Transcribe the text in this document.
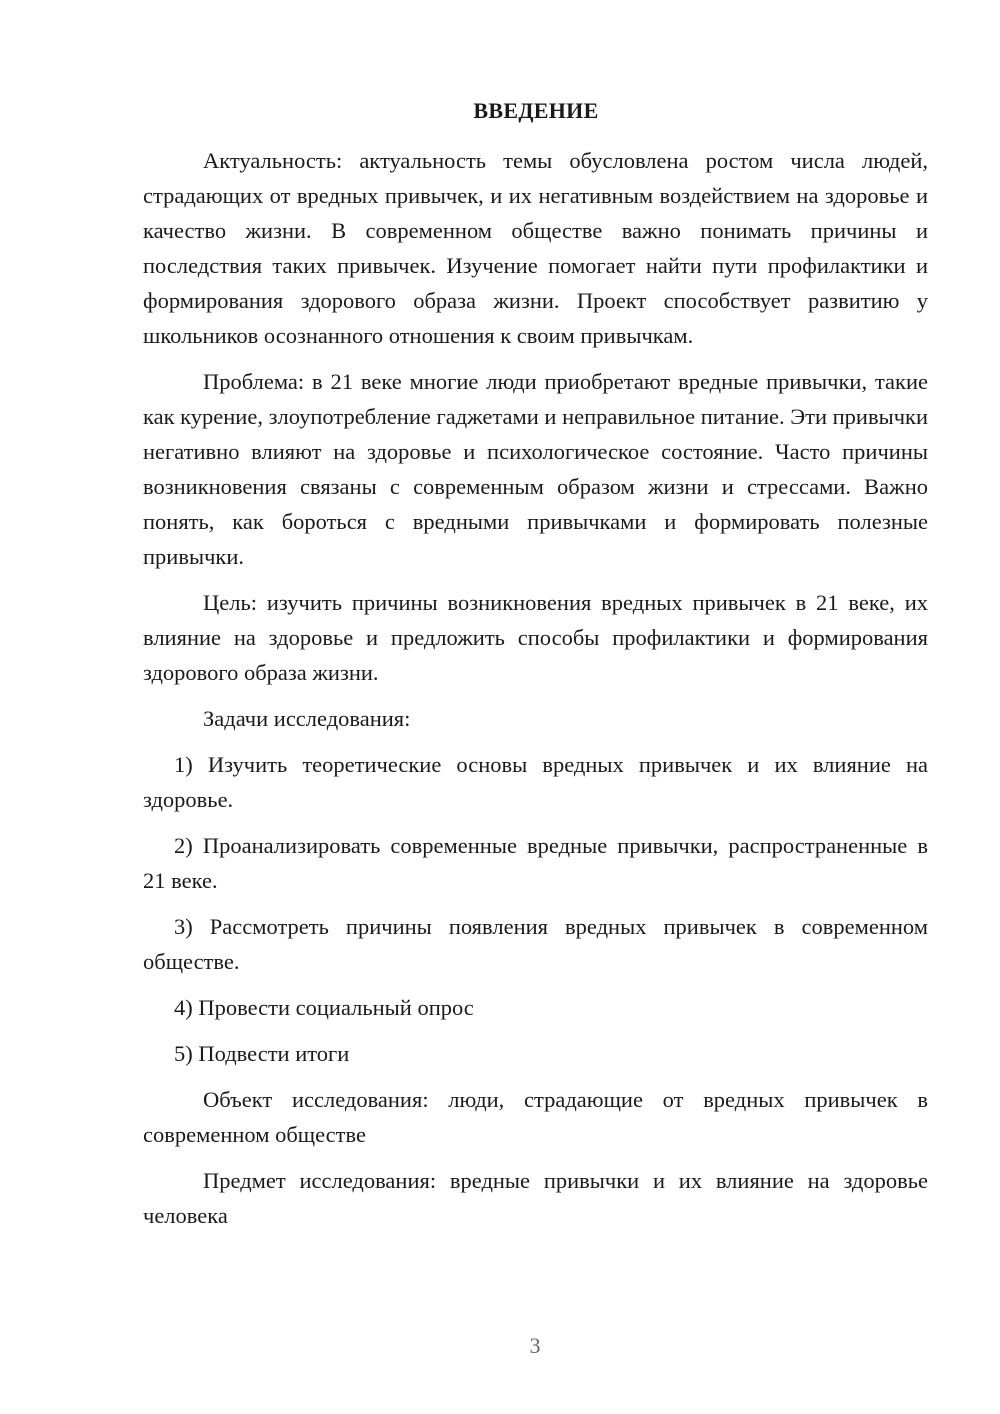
ВВЕДЕНИЕ

Актуальность: актуальность темы обусловлена ростом числа людей, страдающих от вредных привычек, и их негативным воздействием на здоровье и качество жизни. В современном обществе важно понимать причины и последствия таких привычек. Изучение помогает найти пути профилактики и формирования здорового образа жизни. Проект способствует развитию у школьников осознанного отношения к своим привычкам.

Проблема: в 21 веке многие люди приобретают вредные привычки, такие как курение, злоупотребление гаджетами и неправильное питание. Эти привычки негативно влияют на здоровье и психологическое состояние. Часто причины возникновения связаны с современным образом жизни и стрессами. Важно понять, как бороться с вредными привычками и формировать полезные привычки.

Цель: изучить причины возникновения вредных привычек в 21 веке, их влияние на здоровье и предложить способы профилактики и формирования здорового образа жизни.

Задачи исследования:

1) Изучить теоретические основы вредных привычек и их влияние на здоровье.

2) Проанализировать современные вредные привычки, распространенные в 21 веке.

3) Рассмотреть причины появления вредных привычек в современном обществе.

4) Провести социальный опрос

5) Подвести итоги

Объект исследования: люди, страдающие от вредных привычек в современном обществе

Предмет исследования: вредные привычки и их влияние на здоровье человека

3
